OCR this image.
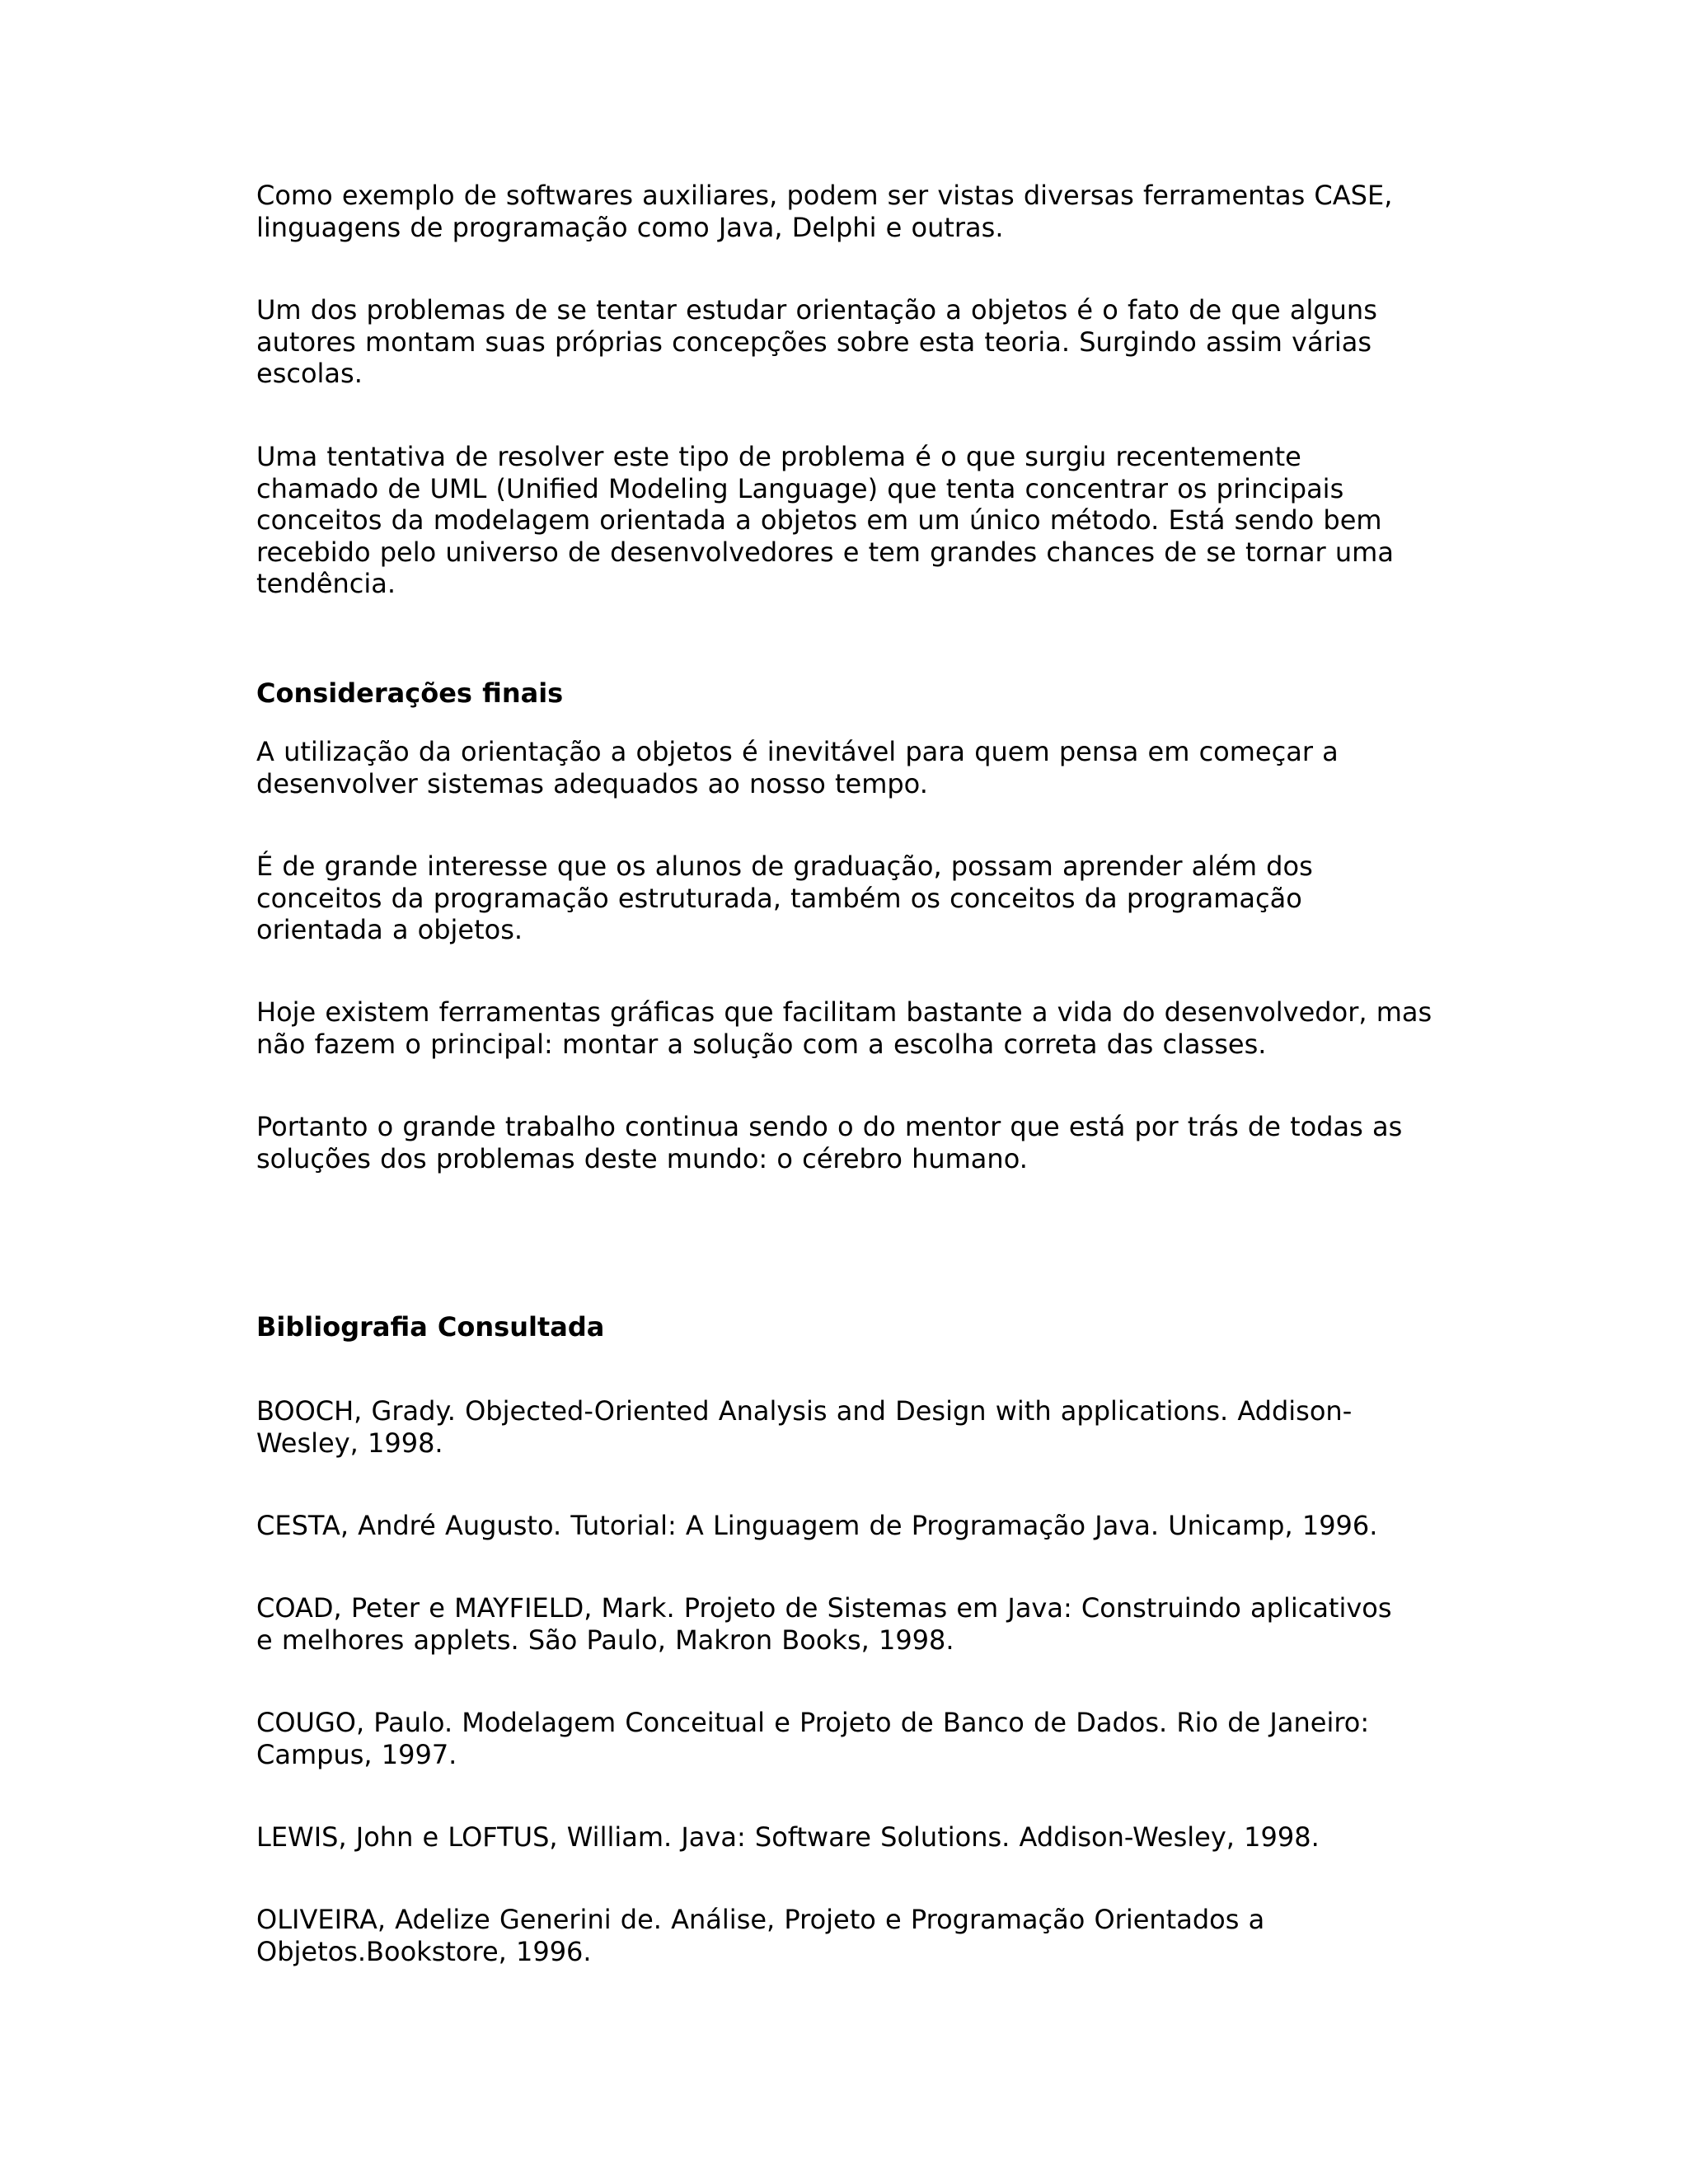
Como exemplo de softwares auxiliares, podem ser vistas diversas ferramentas CASE,
linguagens de programação como Java, Delphi e outras.

Um dos problemas de se tentar estudar orientação a objetos é o fato de que alguns
autores montam suas próprias concepções sobre esta teoria. Surgindo assim várias
escolas.

Uma tentativa de resolver este tipo de problema é o que surgiu recentemente
chamado de UML (Unified Modeling Language) que tenta concentrar os principais
conceitos da modelagem orientada a objetos em um único método. Está sendo bem
recebido pelo universo de desenvolvedores e tem grandes chances de se tornar uma
tendência.

Considerações finais

A utilização da orientação a objetos é inevitável para quem pensa em começar a
desenvolver sistemas adequados ao nosso tempo.

É de grande interesse que os alunos de graduação, possam aprender além dos
conceitos da programação estruturada, também os conceitos da programação
orientada a objetos.

Hoje existem ferramentas gráficas que facilitam bastante a vida do desenvolvedor, mas
não fazem o principal: montar a solução com a escolha correta das classes.

Portanto o grande trabalho continua sendo o do mentor que está por trás de todas as
soluções dos problemas deste mundo: o cérebro humano.

Bibliografia Consultada

BOOCH, Grady. Objected-Oriented Analysis and Design with applications. Addison-
Wesley, 1998.

CESTA, André Augusto. Tutorial: A Linguagem de Programação Java. Unicamp, 1996.

COAD, Peter e MAYFIELD, Mark. Projeto de Sistemas em Java: Construindo aplicativos
e melhores applets. São Paulo, Makron Books, 1998.

COUGO, Paulo. Modelagem Conceitual e Projeto de Banco de Dados. Rio de Janeiro:
Campus, 1997.

LEWIS, John e LOFTUS, William. Java: Software Solutions. Addison-Wesley, 1998.

OLIVEIRA, Adelize Generini de. Análise, Projeto e Programação Orientados a
Objetos.Bookstore, 1996.
